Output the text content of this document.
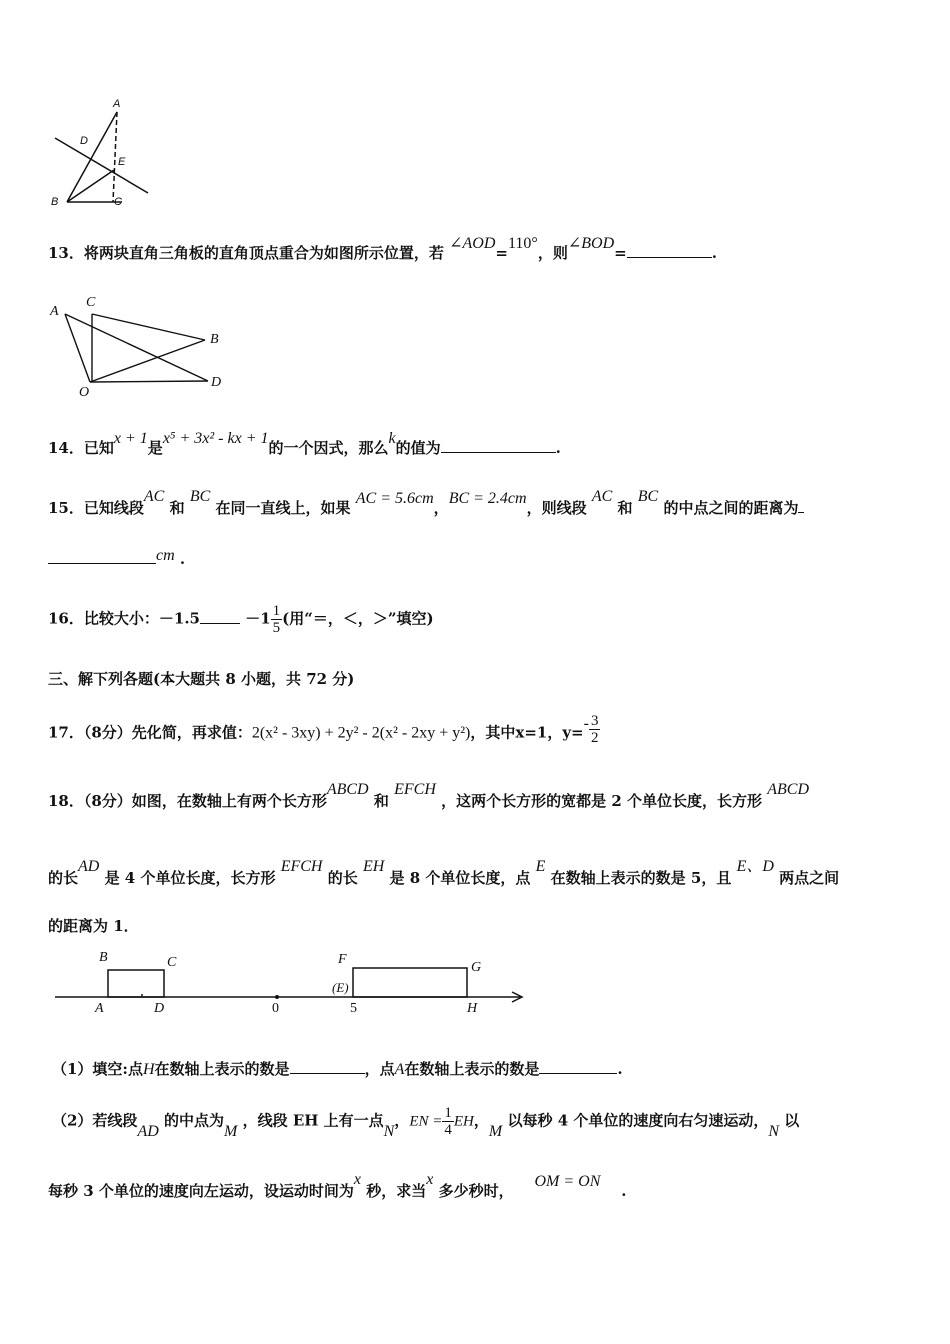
A
D
E
B	C
13．将两块直角三角板的直角顶点重合为如图所示位置，若 ∠AOD=110°，则∠BOD=	.
A
C
B
D
O
14．已知x + 1是x⁵ + 3x² - kx + 1的一个因式，那么k的值为	.
15．已知线段AC 和 BC 在同一直线上，如果 AC = 5.6cm，BC = 2.4cm，则线段 AC 和 BC 的中点之间的距离为
cm .
16．比较大小：－1.5	$-1 \frac{1}{5}$ (用“＝，＜，＞”填空)
三、解下列各题(本大题共 8 小题，共 72 分)
17．（8分）先化简，再求值：2(x² - 3xy) + 2y² - 2(x² - 2xy + y²)，其中x=1，$y=- \frac{3}{2}$
18．（8分）如图，在数轴上有两个长方形ABCD 和 EFCH ，这两个长方形的宽都是 2 个单位长度，长方形 ABCD
的长AD 是 4 个单位长度，长方形 EFCH 的长 EH 是 8 个单位长度，点 E 在数轴上表示的数是 5，且 E、D 两点之间
的距离为 1．
B	C	F
G
(E)
A	D	0	5	H
（1）填空:点H在数轴上表示的数是	，点A在数轴上表示的数是	.
（2）若线段AD 的中点为M ，线段 EH 上有一点N，EN = $\frac{1}{4}$ EH，M 以每秒 4 个单位的速度向右匀速运动，N 以
每秒 3 个单位的速度向左运动，设运动时间为x 秒，求当x 多少秒时，    OM = ON    .
